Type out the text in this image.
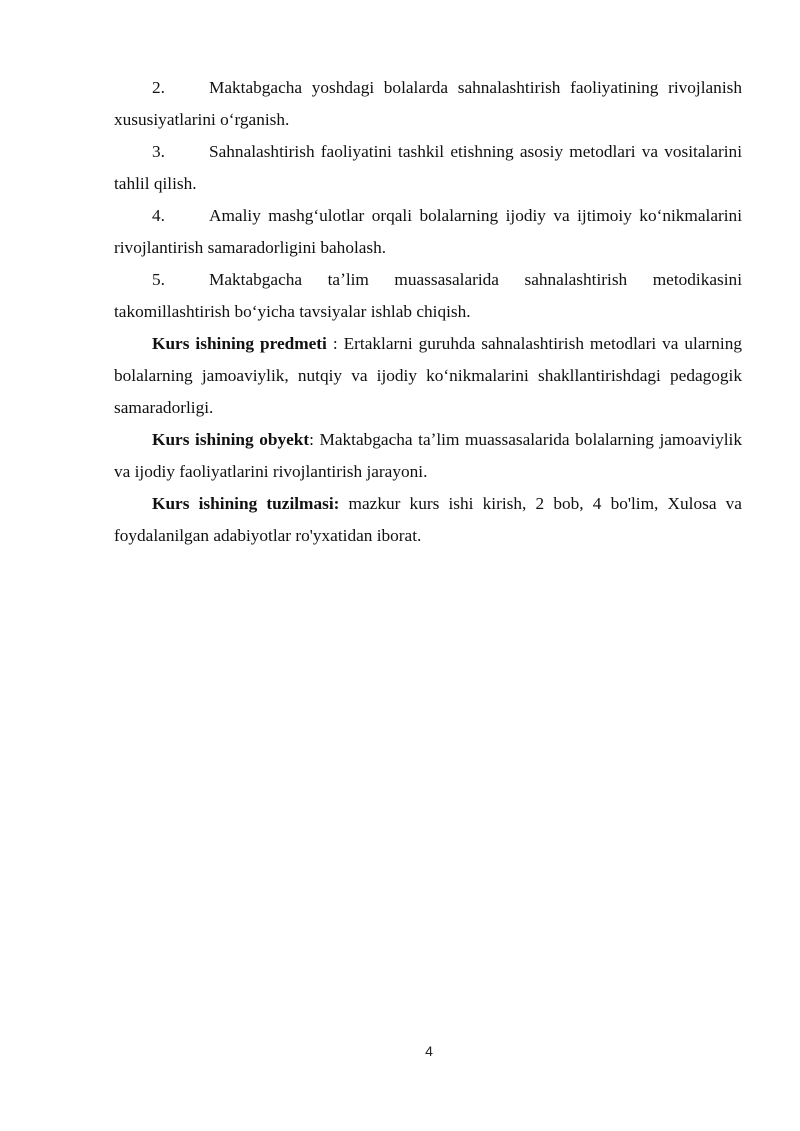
2.	Maktabgacha yoshdagi bolalarda sahnalashtirish faoliyatining rivojlanish xususiyatlarini oʻrganish.

3.	Sahnalashtirish faoliyatini tashkil etishning asosiy metodlari va vositalarini tahlil qilish.

4.	Amaliy mashgʻulotlar orqali bolalarning ijodiy va ijtimoiy koʻnikmalarini rivojlantirish samaradorligini baholash.

5.	Maktabgacha taʼlim muassasalarida sahnalashtirish metodikasini takomillashtirish boʻyicha tavsiyalar ishlab chiqish.

Kurs ishining predmeti : Ertaklarni guruhda sahnalashtirish metodlari va ularning bolalarning jamoaviylik, nutqiy va ijodiy koʻnikmalarini shakllantirishdagi pedagogik samaradorligi.

Kurs ishining obyekt: Maktabgacha taʼlim muassasalarida bolalarning jamoaviylik va ijodiy faoliyatlarini rivojlantirish jarayoni.

Kurs ishining tuzilmasi: mazkur kurs ishi kirish, 2 bob, 4 bo'lim, Xulosa va foydalanilgan adabiyotlar ro'yxatidan iborat.

4
